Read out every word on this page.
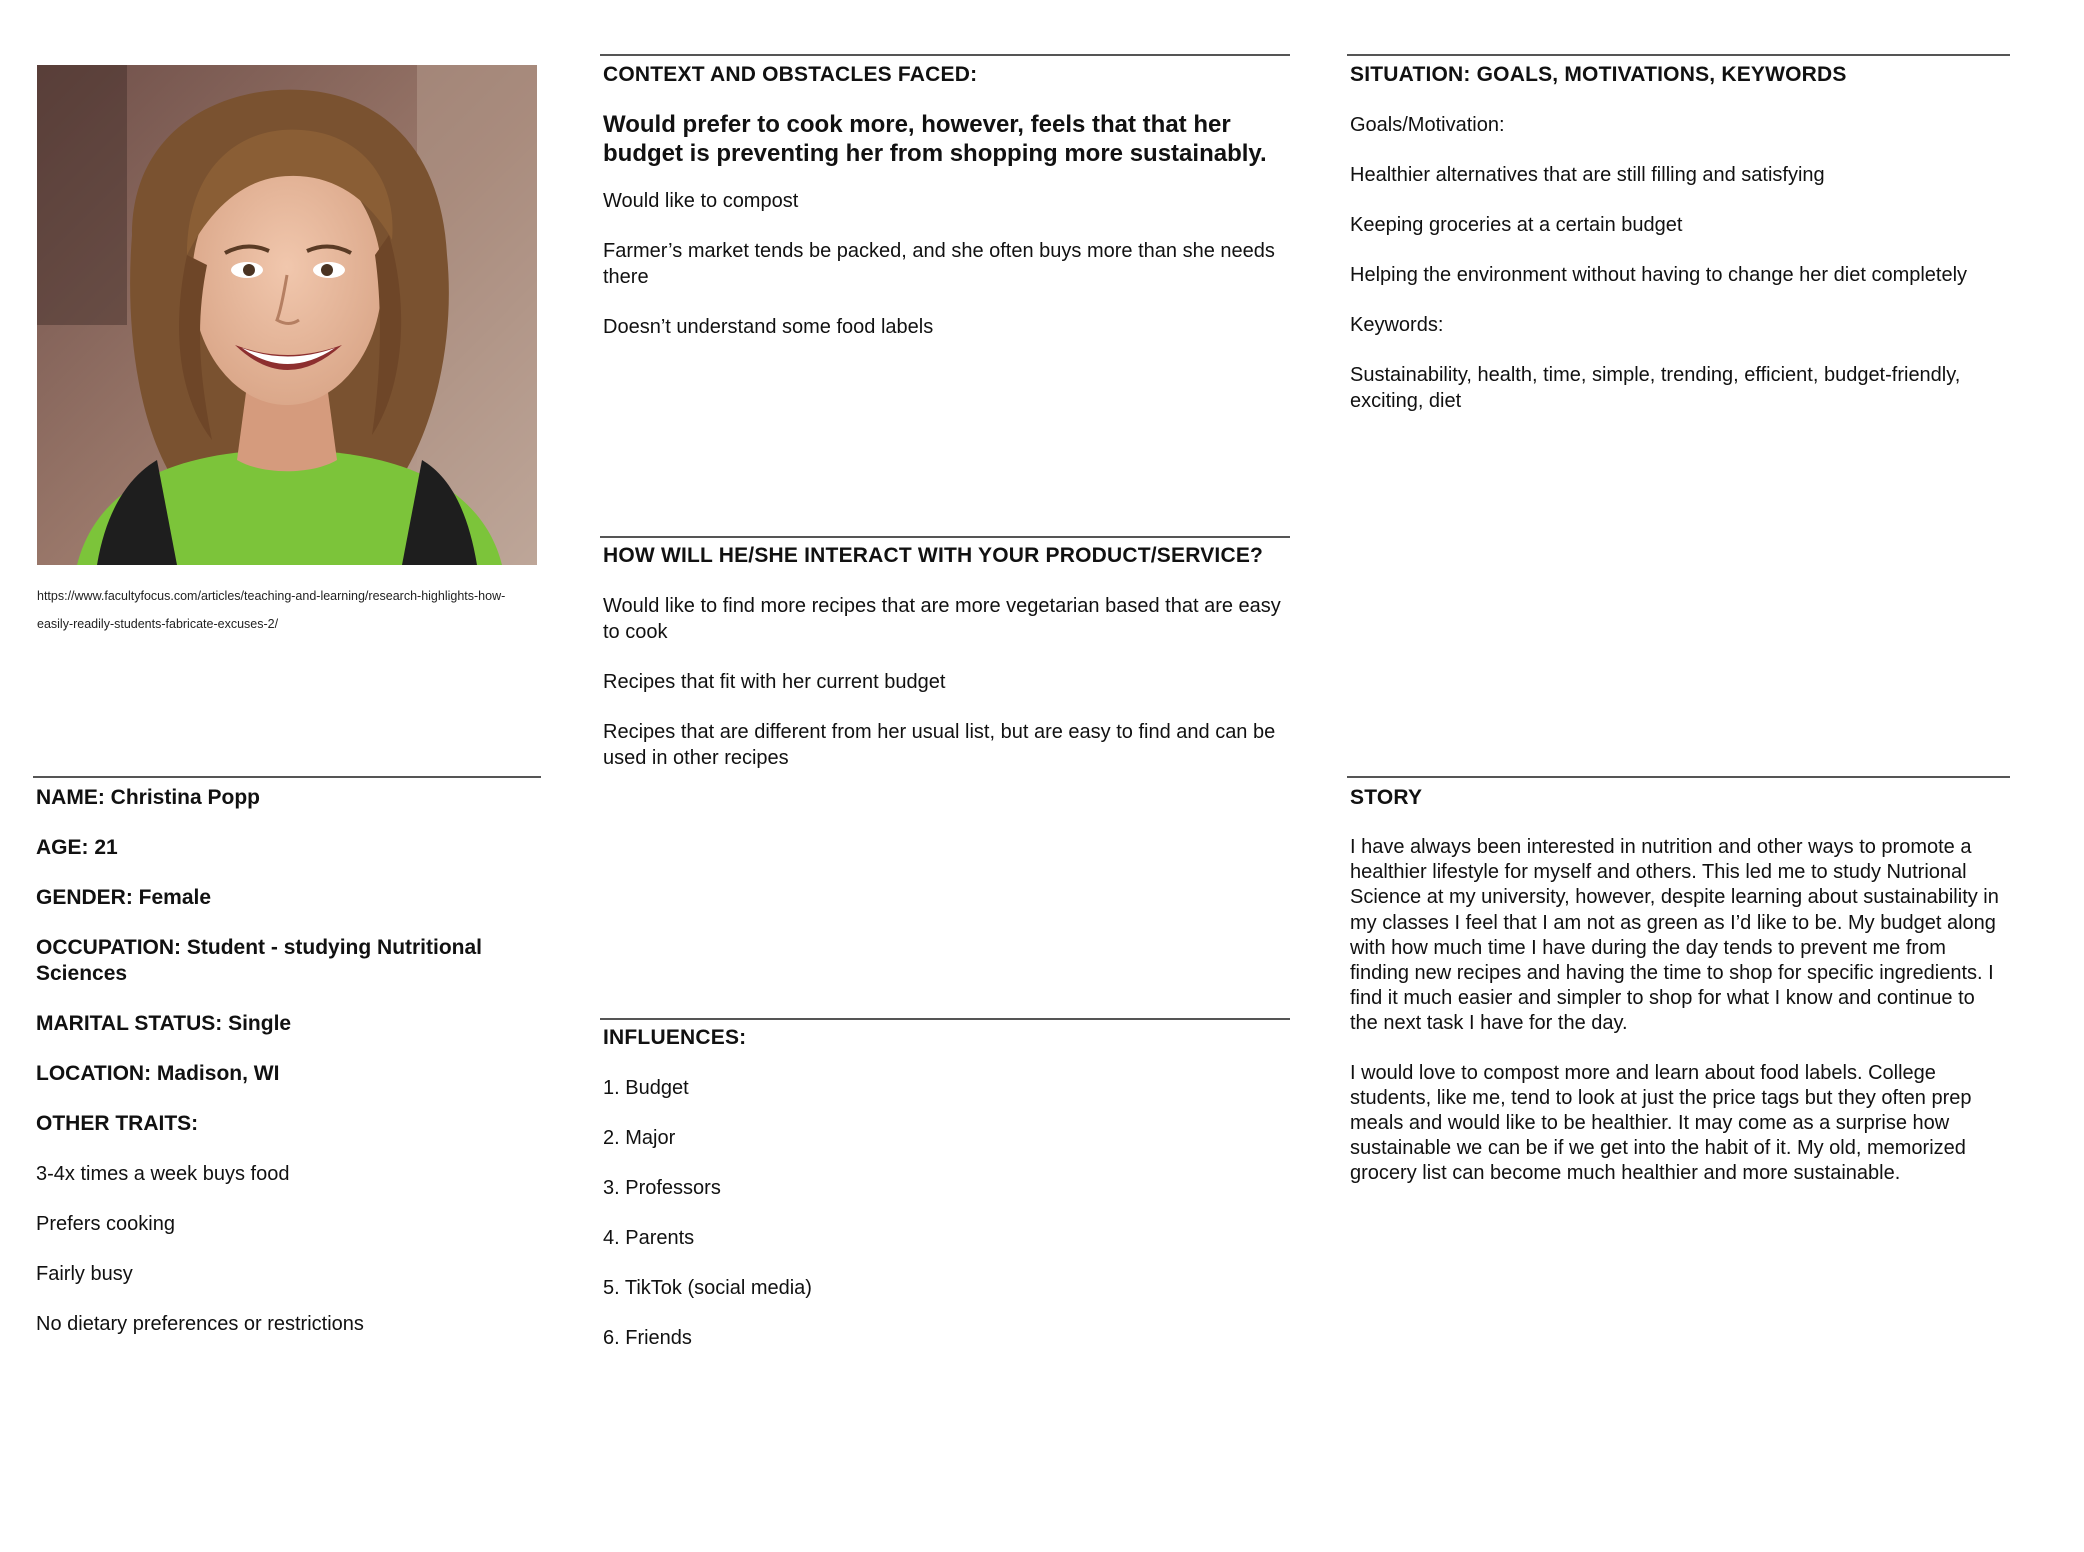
https://www.facultyfocus.com/articles/teaching-and-learning/research-highlights-how-easily-readily-students-fabricate-excuses-2/

CONTEXT AND OBSTACLES FACED:

Would prefer to cook more, however, feels that that her budget is preventing her from shopping more sustainably.

Would like to compost

Farmer’s market tends be packed, and she often buys more than she needs there

Doesn’t understand some food labels

SITUATION: GOALS, MOTIVATIONS, KEYWORDS

Goals/Motivation:

Healthier alternatives that are still filling and satisfying

Keeping groceries at a certain budget

Helping the environment without having to change her diet completely

Keywords:

Sustainability, health, time, simple, trending, efficient, budget-friendly, exciting, diet

HOW WILL HE/SHE INTERACT WITH YOUR PRODUCT/SERVICE?

Would like to find more recipes that are more vegetarian based that are easy to cook

Recipes that fit with her current budget

Recipes that are different from her usual list, but are easy to find and can be used in other recipes

NAME: Christina Popp

AGE: 21

GENDER: Female

OCCUPATION: Student - studying Nutritional Sciences

MARITAL STATUS: Single

LOCATION: Madison, WI

OTHER TRAITS:

3-4x times a week buys food

Prefers cooking

Fairly busy

No dietary preferences or restrictions

STORY

I have always been interested in nutrition and other ways to promote a healthier lifestyle for myself and others. This led me to study Nutrional Science at my university, however, despite learning about sustainability in my classes I feel that I am not as green as I’d like to be. My budget along with how much time I have during the day tends to prevent me from finding new recipes and having the time to shop for specific ingredients. I find it much easier and simpler to shop for what I know and continue to the next task I have for the day.

I would love to compost more and learn about food labels. College students, like me, tend to look at just the price tags but they often prep meals and would like to be healthier. It may come as a surprise how sustainable we can be if we get into the habit of it. My old, memorized grocery list can become much healthier and more sustainable.

INFLUENCES:

1. Budget

2. Major

3. Professors

4. Parents

5. TikTok (social media)

6. Friends
